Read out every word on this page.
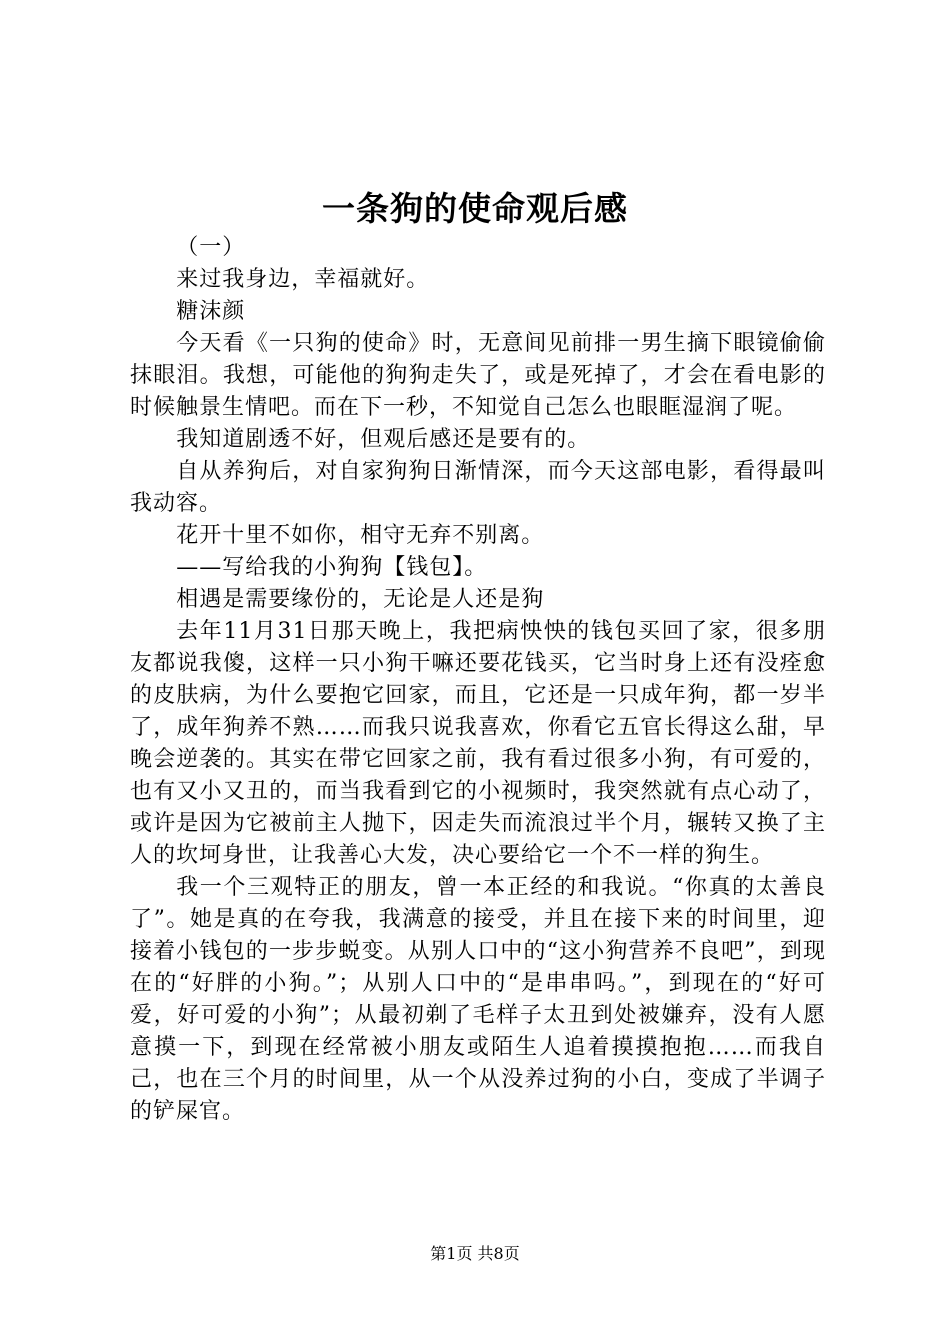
一条狗的使命观后感

（一）

来过我身边，幸福就好。

糖沫颜

今天看《一只狗的使命》时，无意间见前排一男生摘下眼镜偷偷抹眼泪。我想，可能他的狗狗走失了，或是死掉了，才会在看电影的时候触景生情吧。而在下一秒，不知觉自己怎么也眼眶湿润了呢。

我知道剧透不好，但观后感还是要有的。

自从养狗后，对自家狗狗日渐情深，而今天这部电影，看得最叫我动容。

花开十里不如你，相守无弃不别离。

——写给我的小狗狗【钱包】。

相遇是需要缘份的，无论是人还是狗

去年11月31日那天晚上，我把病怏怏的钱包买回了家，很多朋友都说我傻，这样一只小狗干嘛还要花钱买，它当时身上还有没痊愈的皮肤病，为什么要抱它回家，而且，它还是一只成年狗，都一岁半了，成年狗养不熟……而我只说我喜欢，你看它五官长得这么甜，早晚会逆袭的。其实在带它回家之前，我有看过很多小狗，有可爱的，也有又小又丑的，而当我看到它的小视频时，我突然就有点心动了，或许是因为它被前主人抛下，因走失而流浪过半个月，辗转又换了主人的坎坷身世，让我善心大发，决心要给它一个不一样的狗生。

我一个三观特正的朋友，曾一本正经的和我说。“你真的太善良了”。她是真的在夸我，我满意的接受，并且在接下来的时间里，迎接着小钱包的一步步蜕变。从别人口中的“这小狗营养不良吧”，到现在的“好胖的小狗。”；从别人口中的“是串串吗。”，到现在的“好可爱，好可爱的小狗”；从最初剃了毛样子太丑到处被嫌弃，没有人愿意摸一下，到现在经常被小朋友或陌生人追着摸摸抱抱……而我自己，也在三个月的时间里，从一个从没养过狗的小白，变成了半调子的铲屎官。

第1页 共8页
